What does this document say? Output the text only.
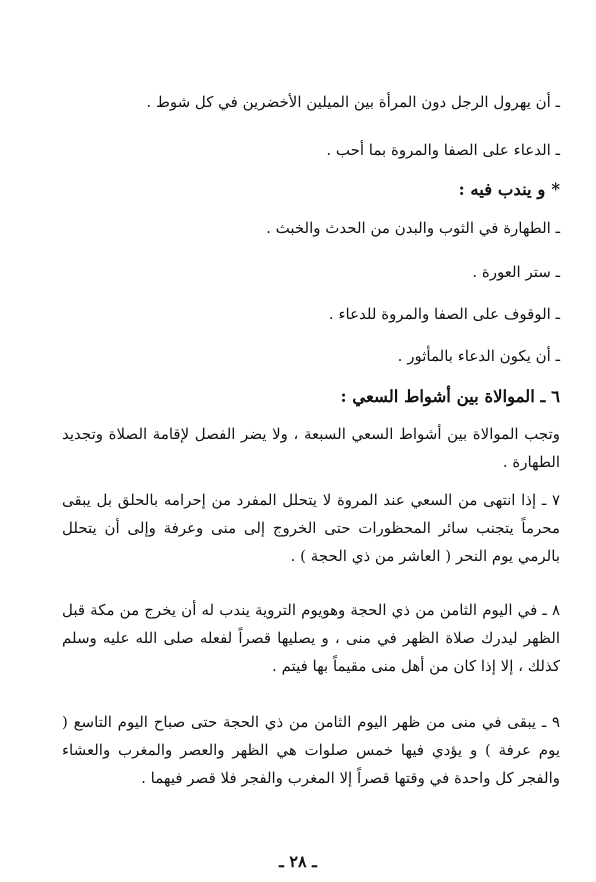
ـ أن يهرول الرجل دون المرأة بين الميلين الأخضرين في كل شوط .
ـ الدعاء على الصفا والمروة بما أحب .
*و يندب فيه :
ـ الطهارة في الثوب والبدن من الحدث والخبث .
ـ ستر العورة .
ـ الوقوف على الصفا والمروة للدعاء .
ـ أن يكون الدعاء بالمأثور .
٦ ـ الموالاة بين أشواط السعي :
وتجب الموالاة بين أشواط السعي السبعة ، ولا يضر الفصل لإقامة الصلاة وتجديد الطهارة .
٧ ـ إذا انتهى من السعي عند المروة لا يتحلل المفرد من إحرامه بالحلق بل يبقى محرماً يتجنب سائر المحظورات حتى الخروج إلى منى وعرفة وإلى أن يتحلل بالرمي يوم النحر ( العاشر من ذي الحجة ) .
٨ ـ في اليوم الثامن من ذي الحجة وهويوم التروية يندب له أن يخرج من مكة قبل الظهر ليدرك صلاة الظهر في منى ، و يصليها قصراً لفعله صلى الله عليه وسلم كذلك ، إلا إذا كان من أهل منى مقيماً بها فيتم .
٩ ـ يبقى في منى من ظهر اليوم الثامن من ذي الحجة حتى صباح اليوم التاسع ( يوم عرفة ) و يؤدي فيها خمس صلوات هي الظهر والعصر والمغرب والعشاء والفجر كل واحدة في وقتها قصراً إلا المغرب والفجر فلا قصر فيهما .
ـ ٢٨ ـ
